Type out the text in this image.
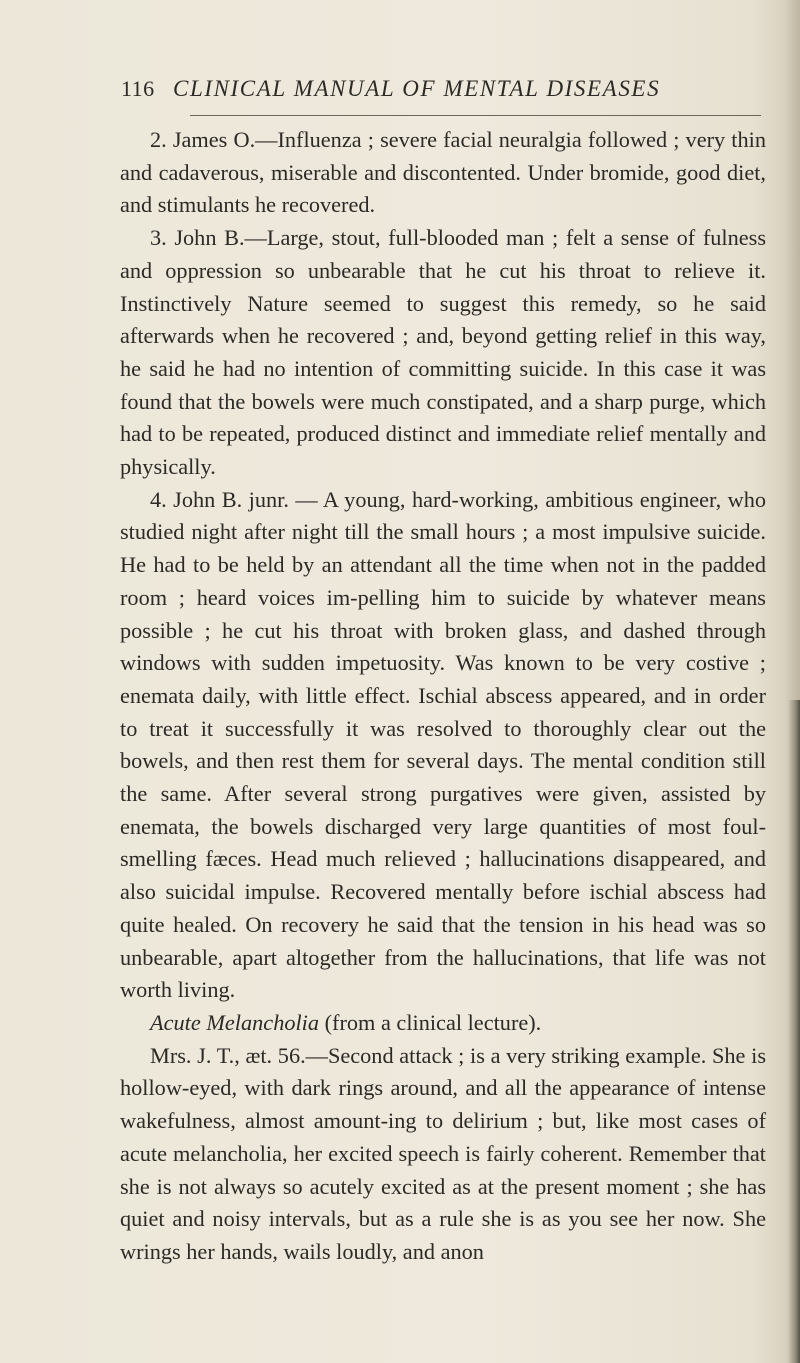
116 CLINICAL MANUAL OF MENTAL DISEASES

2. James O.—Influenza ; severe facial neuralgia followed ; very thin and cadaverous, miserable and discontented. Under bromide, good diet, and stimulants he recovered.

3. John B.—Large, stout, full-blooded man ; felt a sense of fulness and oppression so unbearable that he cut his throat to relieve it. Instinctively Nature seemed to suggest this remedy, so he said afterwards when he recovered ; and, beyond getting relief in this way, he said he had no intention of committing suicide. In this case it was found that the bowels were much constipated, and a sharp purge, which had to be repeated, produced distinct and immediate relief mentally and physically.

4. John B. junr. — A young, hard-working, ambitious engineer, who studied night after night till the small hours ; a most impulsive suicide. He had to be held by an attendant all the time when not in the padded room ; heard voices im-pelling him to suicide by whatever means possible ; he cut his throat with broken glass, and dashed through windows with sudden impetuosity. Was known to be very costive ; enemata daily, with little effect. Ischial abscess appeared, and in order to treat it successfully it was resolved to thoroughly clear out the bowels, and then rest them for several days. The mental condition still the same. After several strong purgatives were given, assisted by enemata, the bowels discharged very large quantities of most foul-smelling fæces. Head much relieved ; hallucinations disappeared, and also suicidal impulse. Recovered mentally before ischial abscess had quite healed. On recovery he said that the tension in his head was so unbearable, apart altogether from the hallucinations, that life was not worth living.

Acute Melancholia (from a clinical lecture).

Mrs. J. T., æt. 56.—Second attack ; is a very striking example. She is hollow-eyed, with dark rings around, and all the appearance of intense wakefulness, almost amount-ing to delirium ; but, like most cases of acute melancholia, her excited speech is fairly coherent. Remember that she is not always so acutely excited as at the present moment ; she has quiet and noisy intervals, but as a rule she is as you see her now. She wrings her hands, wails loudly, and anon
